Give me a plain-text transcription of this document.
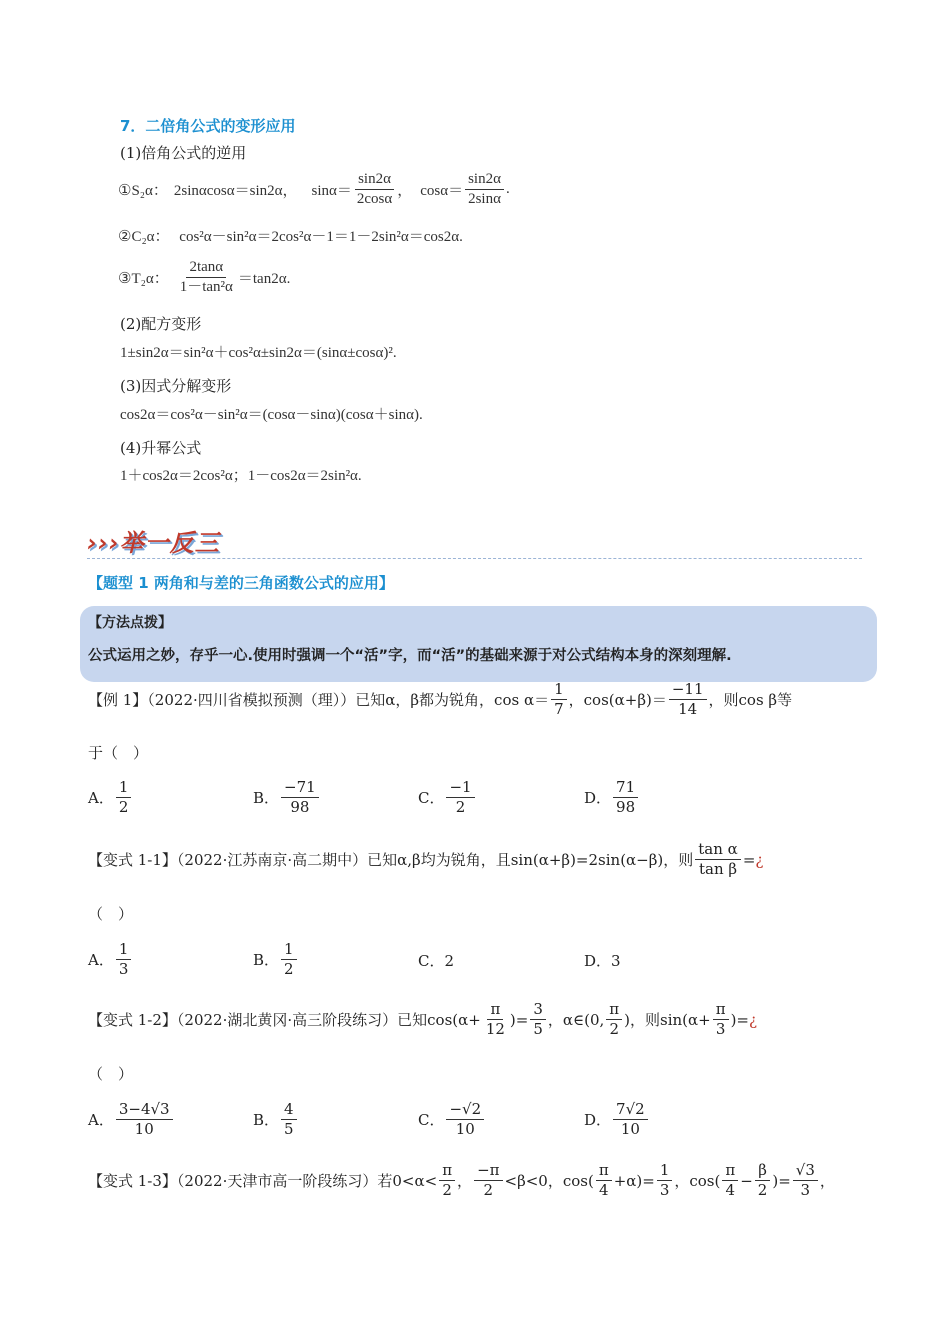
7．二倍角公式的变形应用
(1)倍角公式的逆用
①S₂α： 2sinαcosα＝sin2α， $\sin\alpha= \frac{\sin 2\alpha}{2\cos\alpha}$ ， $\cos\alpha= \frac{\sin 2\alpha}{2\sin\alpha}$ .
②C₂α： cos²α－sin²α＝2cos²α－1＝1－2sin²α＝cos2α.
③T₂α： $\frac{2\tan\alpha}{\text{1－tan²α}} =\tan 2\alpha$.
(2)配方变形
1±sin2α＝sin²α＋cos²α±sin2α＝(sinα±cosα)².
(3)因式分解变形
cos2α＝cos²α－sin²α＝(cosα－sinα)(cosα＋sinα).
(4)升幂公式
1＋cos2α＝2cos²α；1－cos2α＝2sin²α.
›››举一反三
【题型 1 两角和与差的三角函数公式的应用】
【方法点拨】
公式运用之妙，存乎一心.使用时强调一个“活”字，而“活”的基础来源于对公式结构本身的深刻理解.
【例 1】（2022·四川省模拟预测（理））已知α，β都为锐角，$\cos \alpha= \frac{1}{7}$ ，$\cos(\alpha+\beta)= \frac{-11}{14}$ ，则cos β等
于（　）
A． $\frac{1}{2}$	B． $\frac{-71}{98}$	C． $\frac{-1}{2}$	D． $\frac{71}{98}$
【变式 1-1】（2022·江苏南京·高二期中）已知α,β均为锐角，且sin(α+β)=2sin(α−β)，则 $\frac{\text{tan α}}{\text{tan β}}$ = ¿
（　）
A． $\frac{1}{3}$	B． $\frac{1}{2}$	C．2	D．3
【变式 1-2】（2022·湖北黄冈·高三阶段练习）已知$\cos(\alpha+ \frac{\pi}{12}$ )= $\frac{3}{5}$ ，α∈(0, $\frac{\pi}{2}$ )，则$\sin(\alpha+ \frac{\pi}{3}$ )= ¿
（　）
A． $\frac{3-4√3}{10}$	B． $\frac{4}{5}$	C． $\frac{-√2}{10}$	D． $\frac{7√2}{10}$
【变式 1-3】（2022·天津市高一阶段练习）若$0<\alpha< \frac{\pi}{2}$ ， $\frac{-\pi}{2} <\beta<0$，$\cos( \frac{\pi}{4} +\alpha)= \frac{1}{3}$ ，$\cos( \frac{\pi}{4} - \frac{\beta}{2}$ )= $\frac{√3}{3}$ ，
